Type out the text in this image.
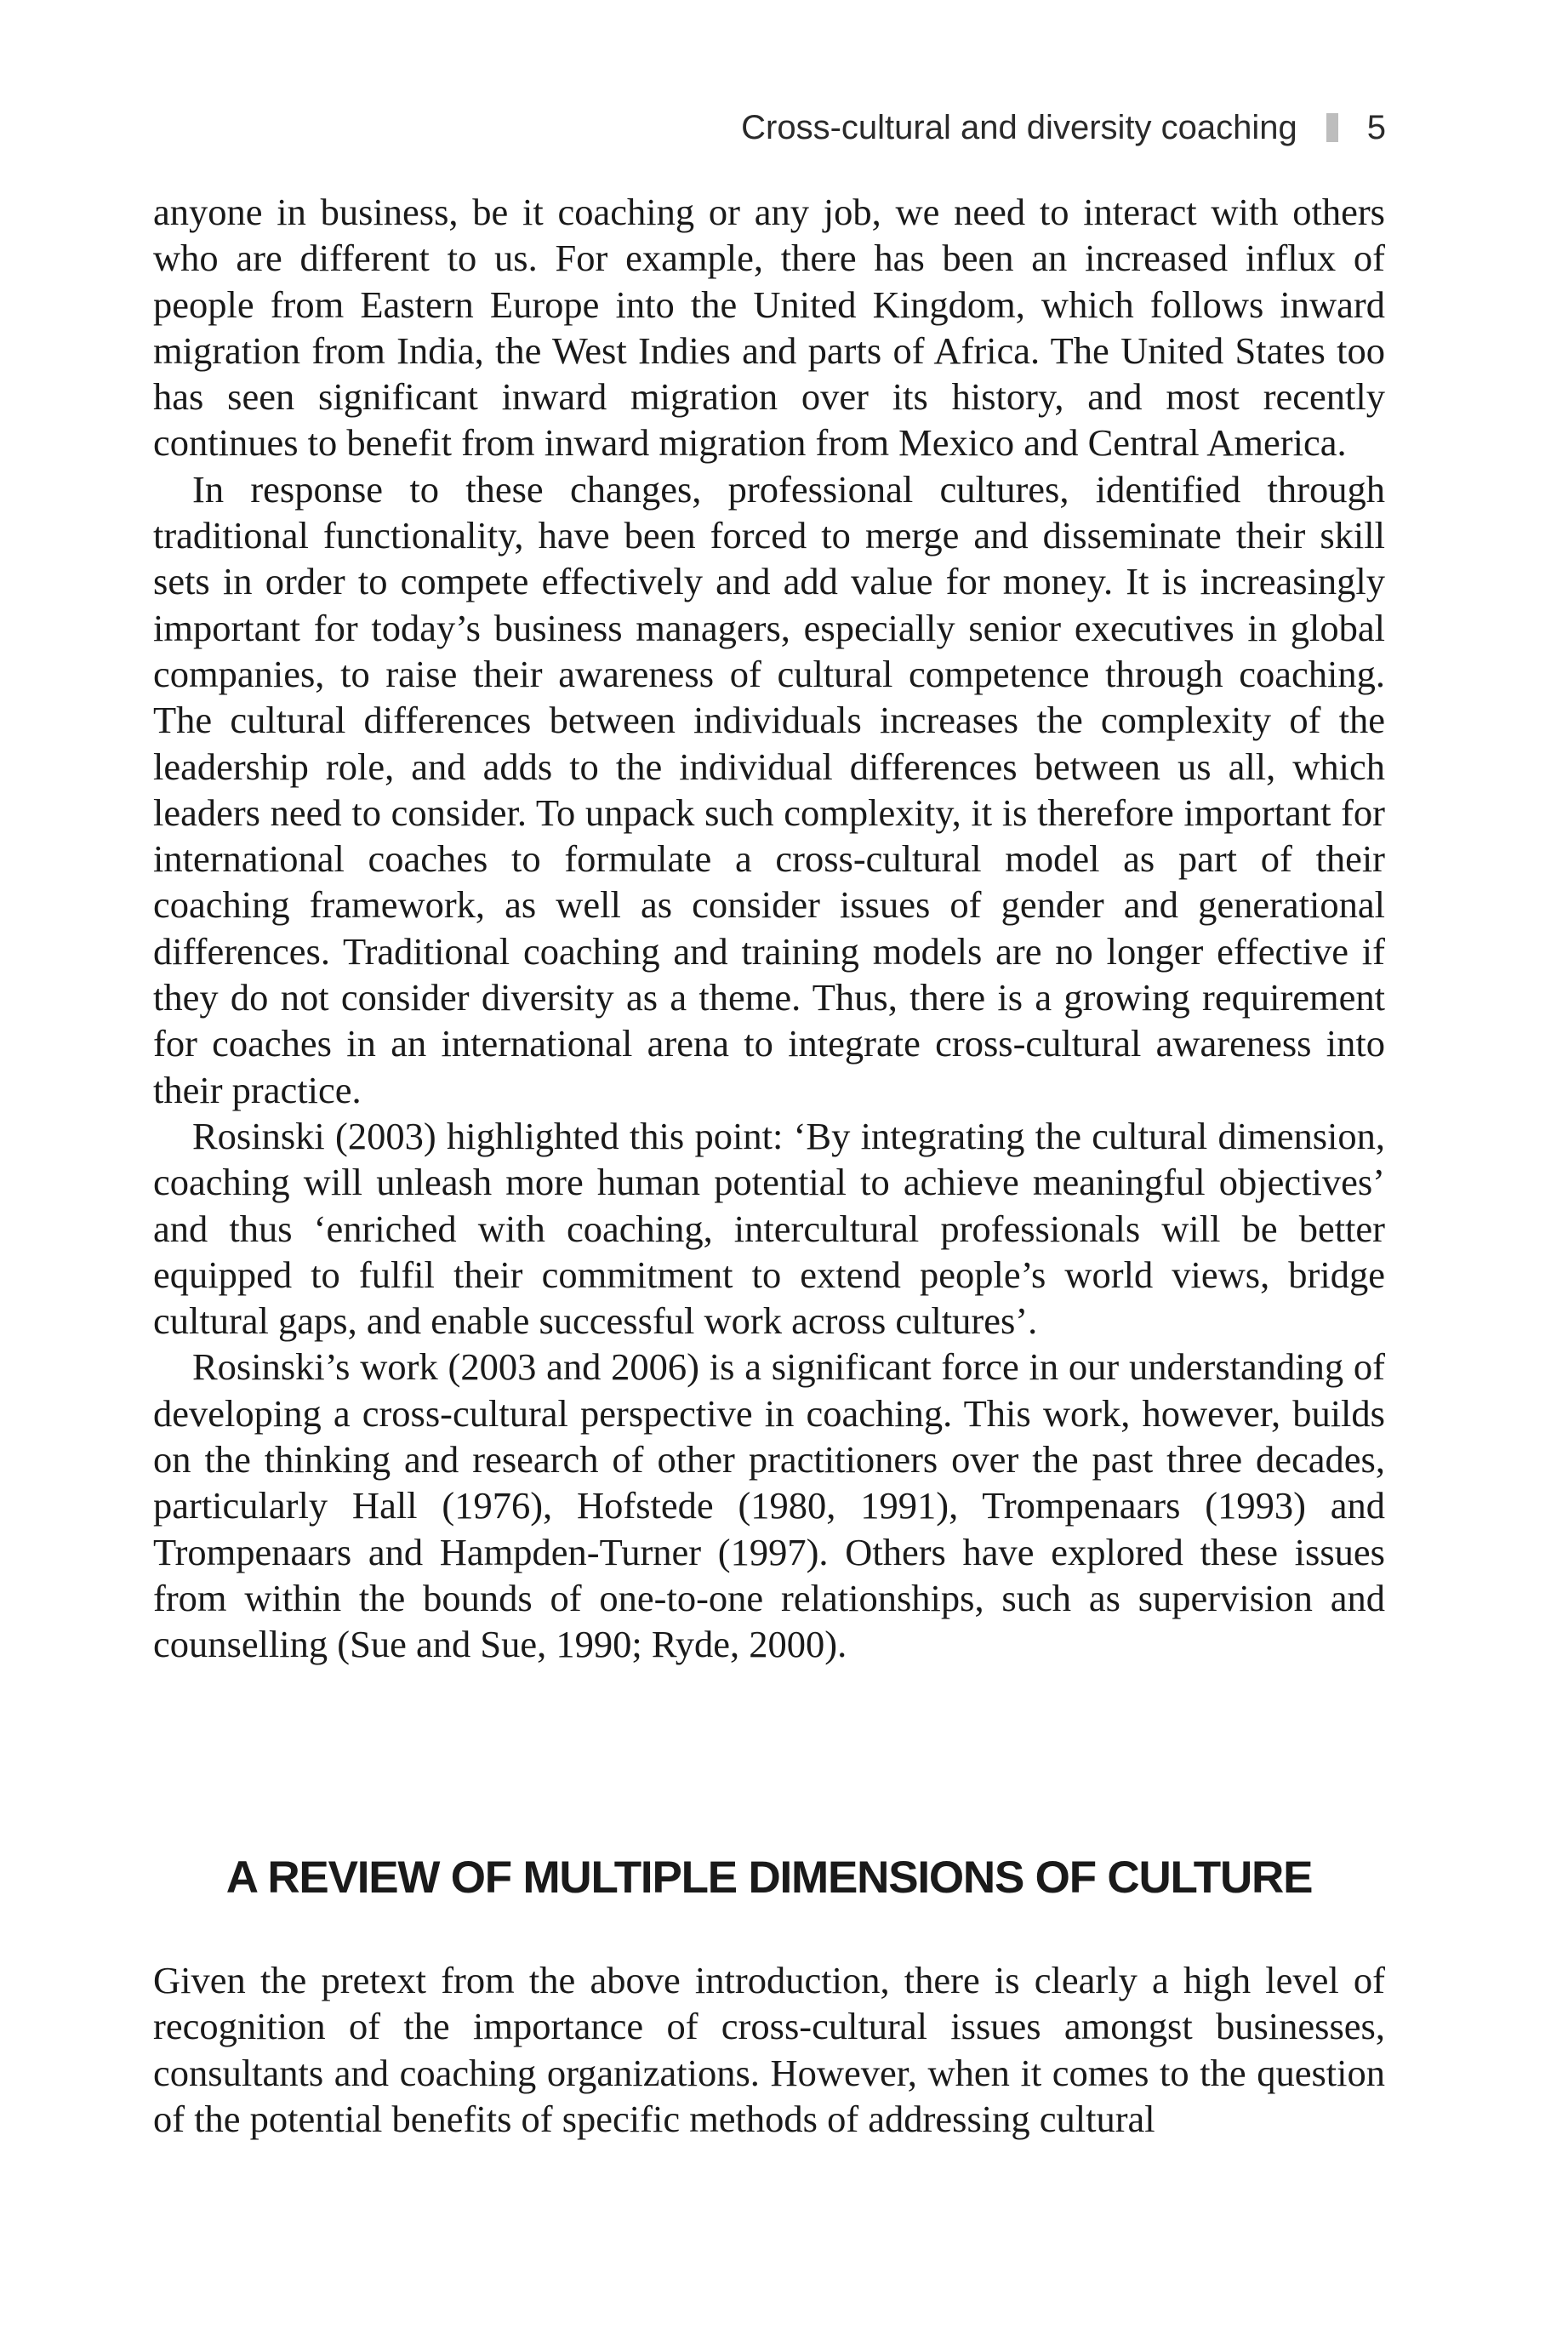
Cross-cultural and diversity coaching 5

anyone in business, be it coaching or any job, we need to interact with others who are different to us. For example, there has been an increased influx of people from Eastern Europe into the United Kingdom, which follows inward migration from India, the West Indies and parts of Africa. The United States too has seen significant inward migration over its history, and most recently continues to benefit from inward migration from Mexico and Central America.

In response to these changes, professional cultures, identified through traditional functionality, have been forced to merge and disseminate their skill sets in order to compete effectively and add value for money. It is increasingly important for today’s business managers, especially senior executives in global companies, to raise their awareness of cultural competence through coaching. The cultural differences between individuals increases the complexity of the leadership role, and adds to the individual differences between us all, which leaders need to consider. To unpack such complexity, it is therefore important for international coaches to formulate a cross-cultural model as part of their coaching framework, as well as consider issues of gender and generational differences. Traditional coaching and training models are no longer effective if they do not consider diversity as a theme. Thus, there is a growing requirement for coaches in an international arena to integrate cross-cultural awareness into their practice.

Rosinski (2003) highlighted this point: ‘By integrating the cultural dimension, coaching will unleash more human potential to achieve meaningful objectives’ and thus ‘enriched with coaching, intercultural professionals will be better equipped to fulfil their commitment to extend people’s world views, bridge cultural gaps, and enable successful work across cultures’.

Rosinski’s work (2003 and 2006) is a significant force in our understanding of developing a cross-cultural perspective in coaching. This work, however, builds on the thinking and research of other practitioners over the past three decades, particularly Hall (1976), Hofstede (1980, 1991), Trompenaars (1993) and Trompenaars and Hampden-Turner (1997). Others have explored these issues from within the bounds of one-to-one relationships, such as supervision and counselling (Sue and Sue, 1990; Ryde, 2000).

A REVIEW OF MULTIPLE DIMENSIONS OF CULTURE

Given the pretext from the above introduction, there is clearly a high level of recognition of the importance of cross-cultural issues amongst businesses, consultants and coaching organizations. However, when it comes to the question of the potential benefits of specific methods of addressing cultural
